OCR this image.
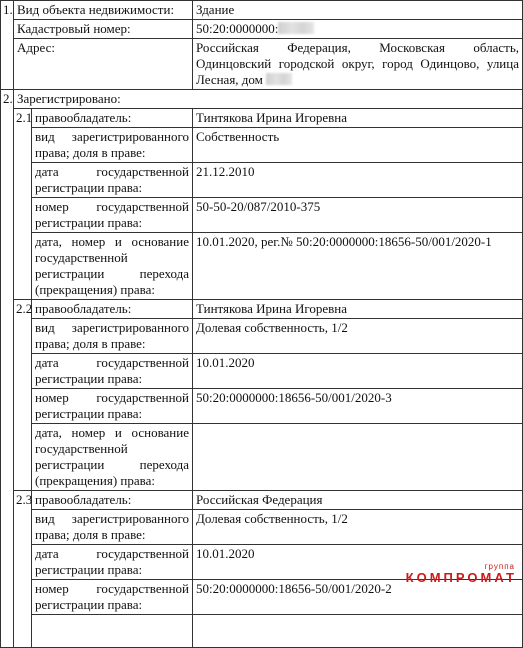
1.	Вид объекта недвижимости:		Здание
	Кадастровый номер:		50:20:0000000:
	Адрес:		Российская Федерация, Московская область, Одинцовский городской округ, город Одинцово, улица Лесная, дом
2.	Зарегистрировано:		
	2.1	правообладатель:	Тинтякова Ирина Игоревна
		вид зарегистрированного права; доля в праве:	Собственность
		дата государственной регистрации права:	21.12.2010
		номер государственной регистрации права:	50-50-20/087/2010-375
		дата, номер и основание государственной регистрации перехода (прекращения) права:	10.01.2020, рег.№ 50:20:0000000:18656-50/001/2020-1
	2.2	правообладатель:	Тинтякова Ирина Игоревна
		вид зарегистрированного права; доля в праве:	Долевая собственность, 1/2
		дата государственной регистрации права:	10.01.2020
		номер государственной регистрации права:	50:20:0000000:18656-50/001/2020-3
		дата, номер и основание государственной регистрации перехода (прекращения) права:	
	2.3	правообладатель:	Российская Федерация
		вид зарегистрированного права; доля в праве:	Долевая собственность, 1/2
		дата государственной регистрации права:	10.01.2020
		номер государственной регистрации права:	50:20:0000000:18656-50/001/2020-2

группа
КОМПРОМАТ
